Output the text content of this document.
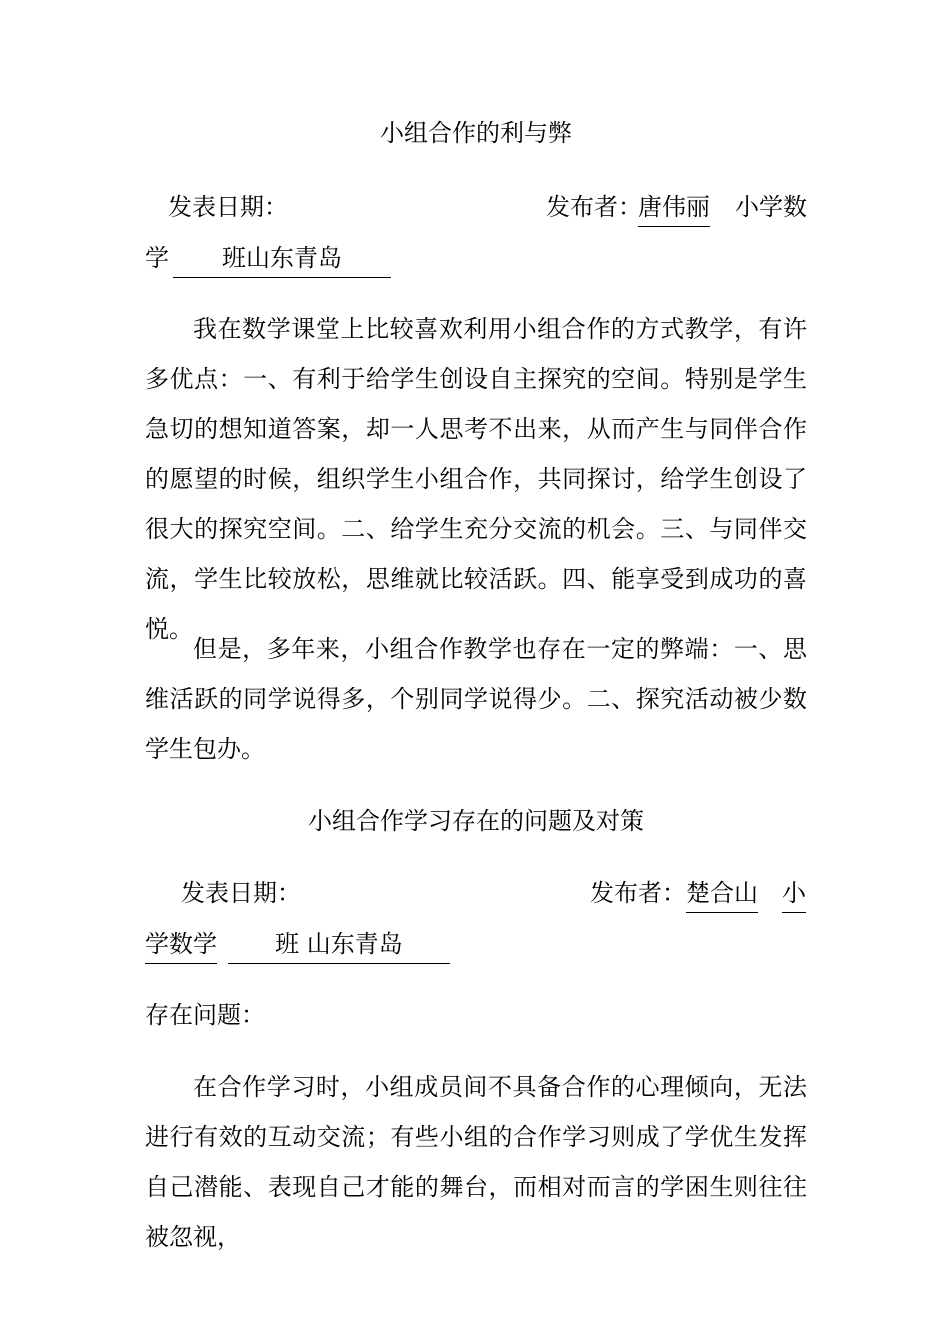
小组合作的利与弊
发表日期：	发布者：
唐伟丽 小学数
学	班山东青岛
我在数学课堂上比较喜欢利用小组合作的方式教学，有许多优点：一、有利于给学生创设自主探究的空间。特别是学生急切的想知道答案，却一人思考不出来，从而产生与同伴合作的愿望的时候，组织学生小组合作，共同探讨，给学生创设了很大的探究空间。二、给学生充分交流的机会。三、与同伴交流，学生比较放松，思维就比较活跃。四、能享受到成功的喜悦。
但是，多年来，小组合作教学也存在一定的弊端：一、思维活跃的同学说得多，个别同学说得少。二、探究活动被少数学生包办。
小组合作学习存在的问题及对策
发表日期：	发布者： 楚合山 小
学数学	班 山东青岛
存在问题：
在合作学习时，小组成员间不具备合作的心理倾向，无法进行有效的互动交流；有些小组的合作学习则成了学优生发挥自己潜能、表现自己才能的舞台，而相对而言的学困生则往往被忽视，
